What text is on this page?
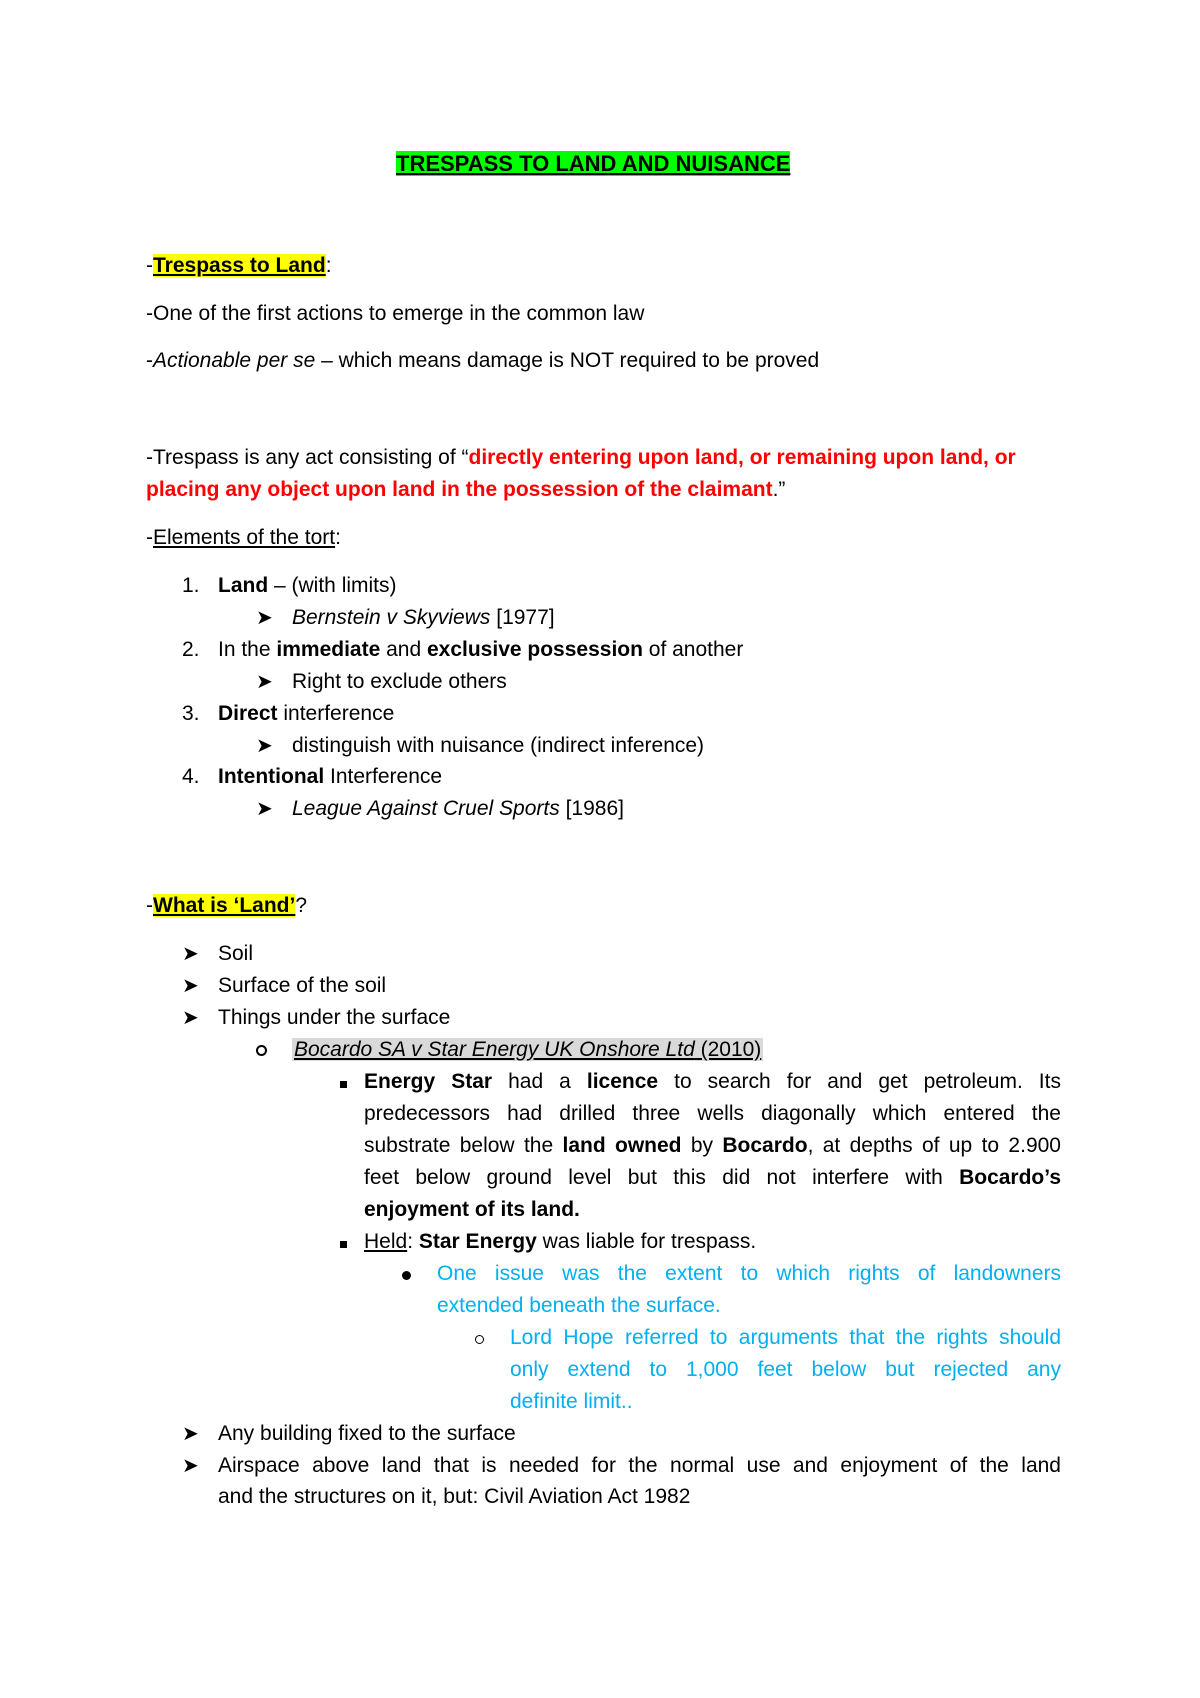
TRESPASS TO LAND AND NUISANCE
-Trespass to Land:
-One of the first actions to emerge in the common law
-Actionable per se – which means damage is NOT required to be proved
-Trespass is any act consisting of “directly entering upon land, or remaining upon land, or
placing any object upon land in the possession of the claimant.”
-Elements of the tort:
1. Land – (with limits)
➤ Bernstein v Skyviews [1977]
2. In the immediate and exclusive possession of another
➤ Right to exclude others
3. Direct interference
➤ distinguish with nuisance (indirect inference)
4. Intentional Interference
➤ League Against Cruel Sports [1986]
-What is ‘Land’?
➤ Soil
➤ Surface of the soil
➤ Things under the surface
Bocardo SA v Star Energy UK Onshore Ltd (2010)
Energy Star had a licence to search for and get petroleum. Its
predecessors had drilled three wells diagonally which entered the
substrate below the land owned by Bocardo, at depths of up to 2.900
feet below ground level but this did not interfere with Bocardo’s
enjoyment of its land.
Held: Star Energy was liable for trespass.
One issue was the extent to which rights of landowners
extended beneath the surface.
Lord Hope referred to arguments that the rights should
only extend to 1,000 feet below but rejected any
definite limit..
➤ Any building fixed to the surface
➤ Airspace above land that is needed for the normal use and enjoyment of the land
and the structures on it, but: Civil Aviation Act 1982
